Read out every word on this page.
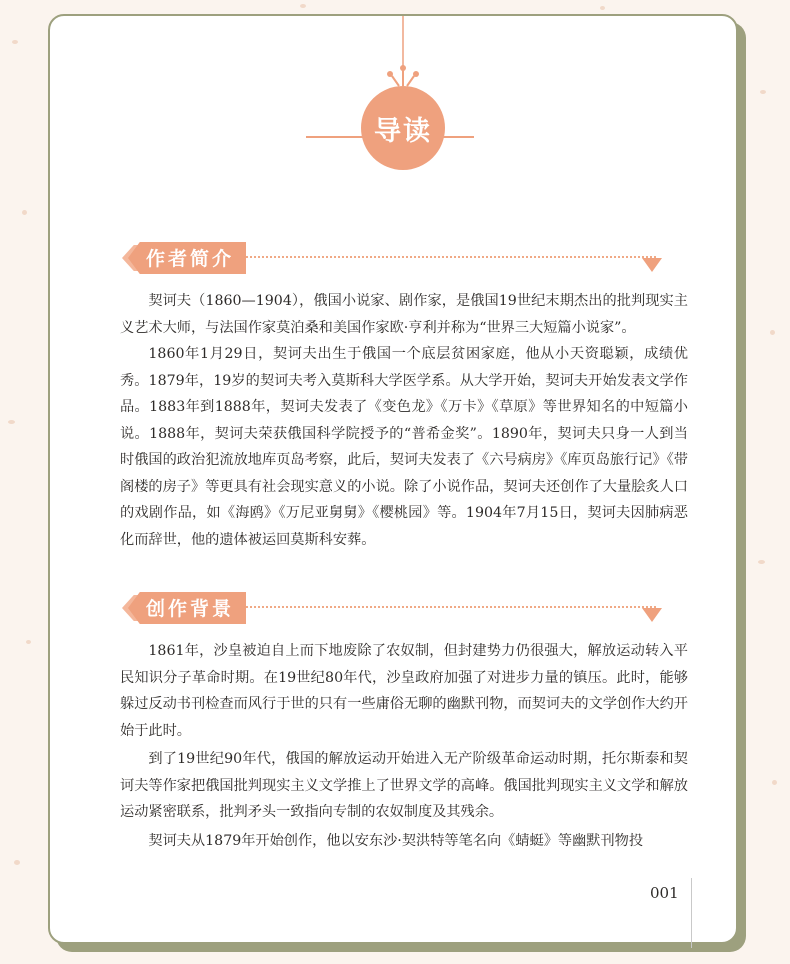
导读
作者简介

契诃夫（1860—1904），俄国小说家、剧作家，是俄国19世纪末期杰出的批判现实主义艺术大师，与法国作家莫泊桑和美国作家欧·亨利并称为“世界三大短篇小说家”。

1860年1月29日，契诃夫出生于俄国一个底层贫困家庭，他从小天资聪颖，成绩优秀。1879年，19岁的契诃夫考入莫斯科大学医学系。从大学开始，契诃夫开始发表文学作品。1883年到1888年，契诃夫发表了《变色龙》《万卡》《草原》等世界知名的中短篇小说。1888年，契诃夫荣获俄国科学院授予的“普希金奖”。1890年，契诃夫只身一人到当时俄国的政治犯流放地库页岛考察，此后，契诃夫发表了《六号病房》《库页岛旅行记》《带阁楼的房子》等更具有社会现实意义的小说。除了小说作品，契诃夫还创作了大量脍炙人口的戏剧作品，如《海鸥》《万尼亚舅舅》《樱桃园》等。1904年7月15日，契诃夫因肺病恶化而辞世，他的遗体被运回莫斯科安葬。

创作背景

1861年，沙皇被迫自上而下地废除了农奴制，但封建势力仍很强大，解放运动转入平民知识分子革命时期。在19世纪80年代，沙皇政府加强了对进步力量的镇压。此时，能够躲过反动书刊检查而风行于世的只有一些庸俗无聊的幽默刊物，而契诃夫的文学创作大约开始于此时。

到了19世纪90年代，俄国的解放运动开始进入无产阶级革命运动时期，托尔斯泰和契诃夫等作家把俄国批判现实主义文学推上了世界文学的高峰。俄国批判现实主义文学和解放运动紧密联系，批判矛头一致指向专制的农奴制度及其残余。

契诃夫从1879年开始创作，他以安东沙·契洪特等笔名向《蜻蜓》等幽默刊物投

001
